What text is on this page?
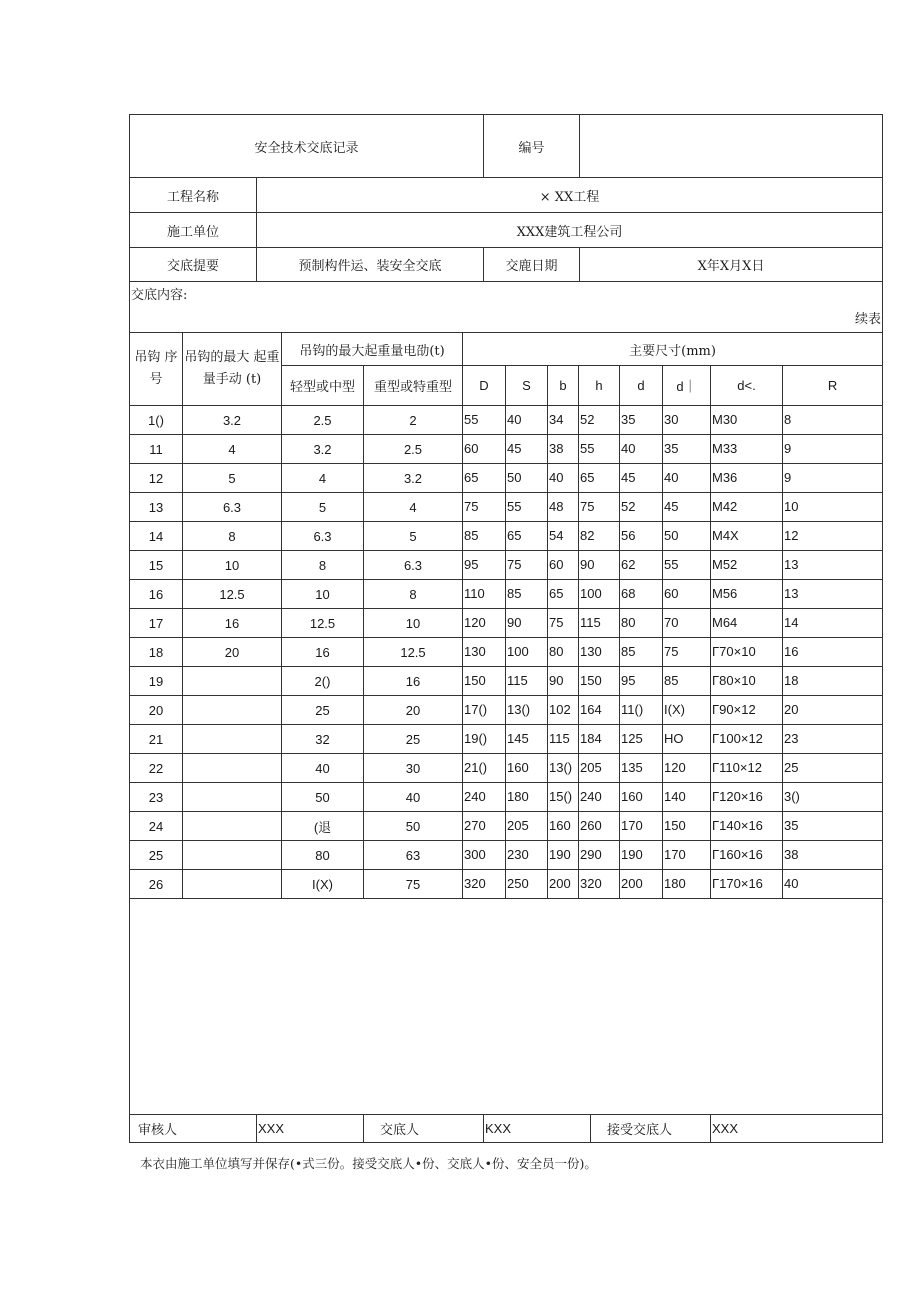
安全技术交底记录		编号	
工程名称	× XX工程		
施工单位	XXX建筑工程公司		
交底提要	预制构件运、装安全交底	交鹿日期	X年X月X日

交底内容:
续表			
吊钩 序号	吊钩的最大 起重量手动 (t)	吊钩的最大起重量电劭(t)		主要尺寸(mm)							
		轻型或中型	重型或特重型	D	S	b	h	d	d｜	d<.	R
1()	3.2	2.5	2	55	40	34	52	35	30	M30	8
11	4	3.2	2.5	60	45	38	55	40	35	M33	9
12	5	4	3.2	65	50	40	65	45	40	M36	9
13	6.3	5	4	75	55	48	75	52	45	M42	10
14	8	6.3	5	85	65	54	82	56	50	M4X	12
15	10	8	6.3	95	75	60	90	62	55	M52	13
16	12.5	10	8	110	85	65	100	68	60	M56	13
17	16	12.5	10	120	90	75	115	80	70	M64	14
18	20	16	12.5	130	100	80	130	85	75	Γ70×10	16
19		2()	16	150	115	90	150	95	85	Γ80×10	18
20		25	20	17()	13()	102	164	11()	I(X)	Γ90×12	20
21		32	25	19()	145	115	184	125	HO	Γ100×12	23
22		40	30	21()	160	13()	205	135	120	Γ110×12	25
23		50	40	240	180	15()	240	160	140	Γ120×16	3()
24		(退	50	270	205	160	260	170	150	Γ140×16	35
25		80	63	300	230	190	290	190	170	Γ160×16	38
26		I(X)	75	320	250	200	320	200	180	Γ170×16	40

审核人	XXX	交底人	KXX	接受交底人	XXX
本衣由施工单位填写并保存(•式三份。接受交底人•份、交底人•份、安全员一份)。
